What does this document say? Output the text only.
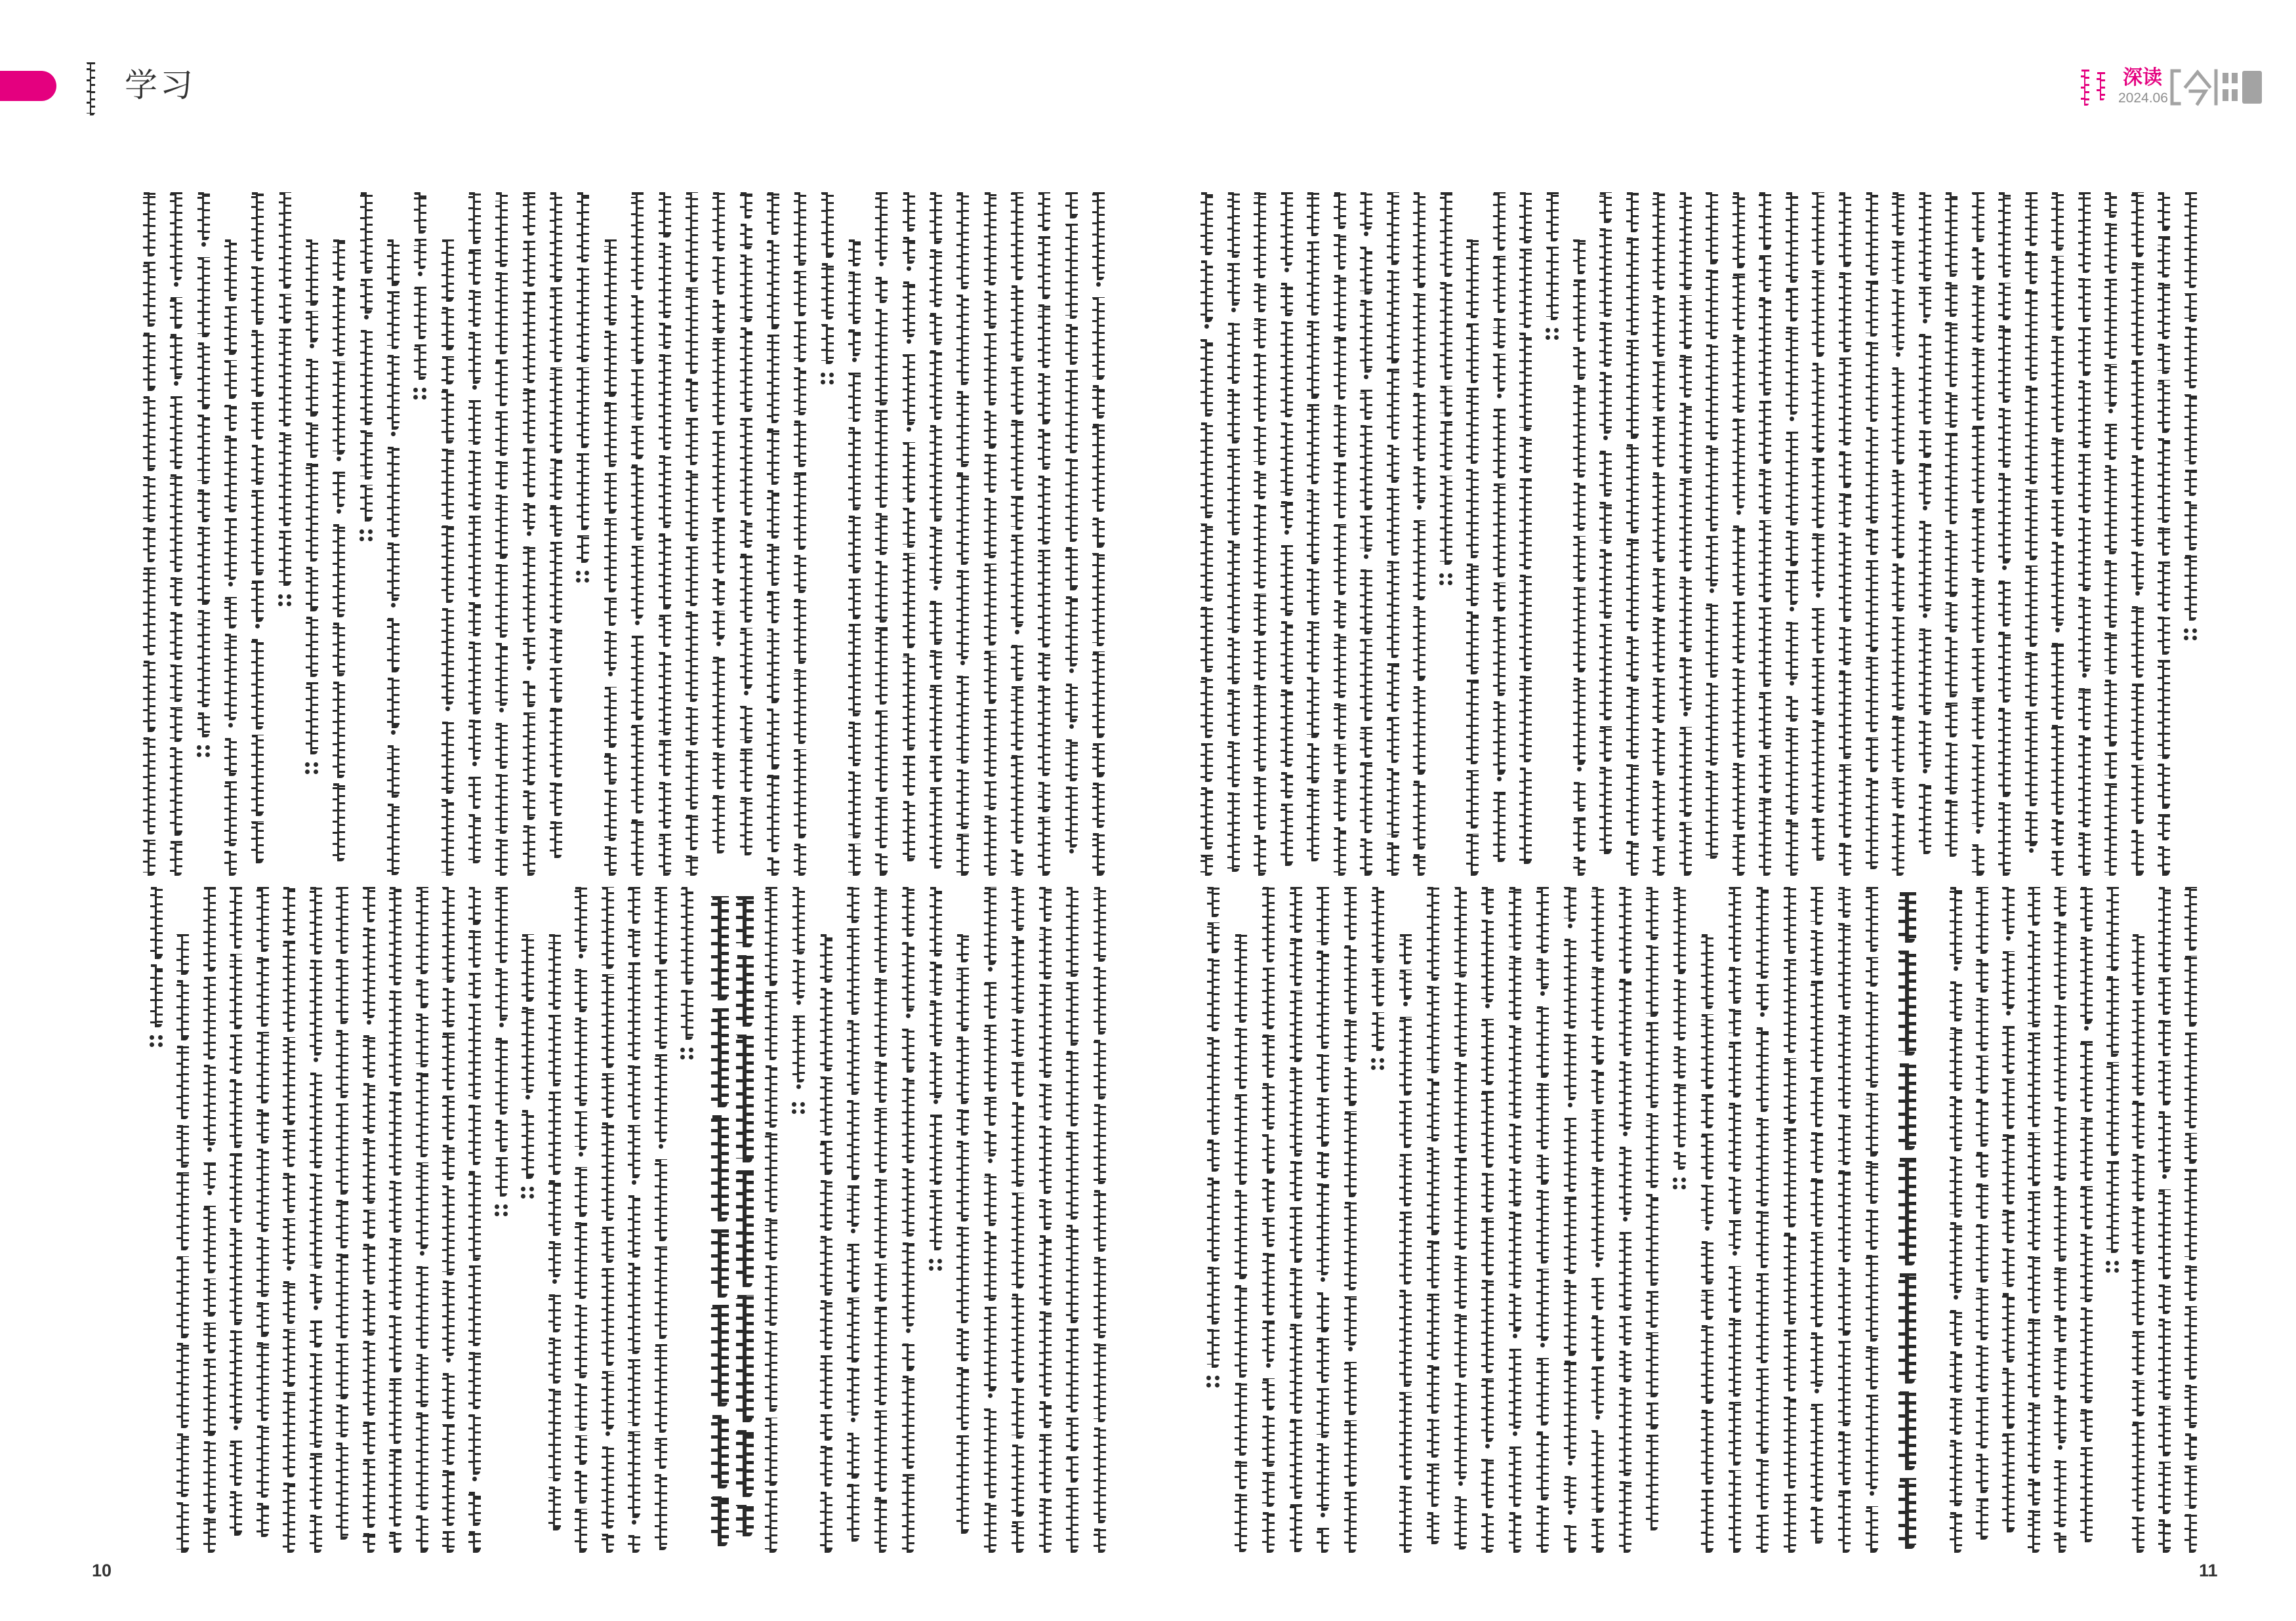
学习	深读
2024.06
10	11
